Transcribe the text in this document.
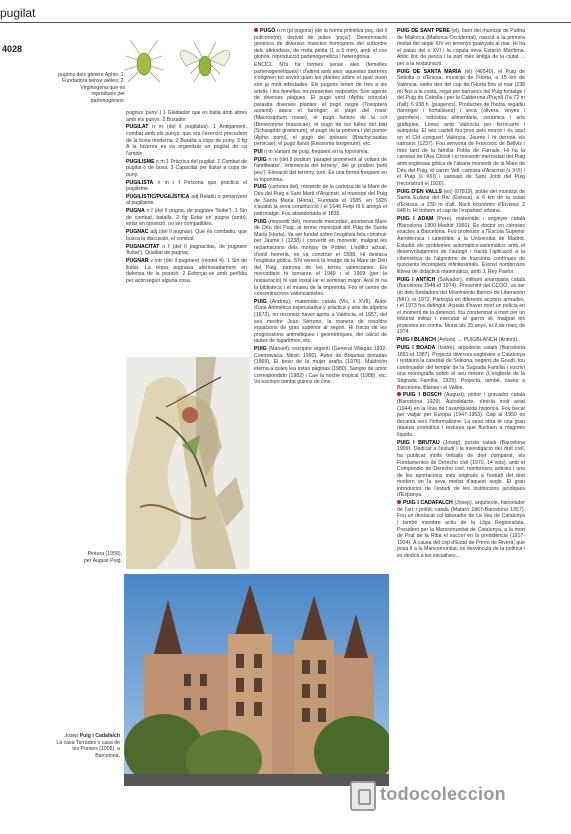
pugilat
4028
pugons dels gènere Aphis: 1. Fundadora sense aletes; 2. Virginogena que es reprodueix per partenogènesi.

pugnus 'puny'.) 1 Gladiador que es batia amb altres amb els punys. 2 Boxador.

PUGILAT n m (del ll pugilatus). 1 Antigament, combat amb els punys, que era l'exercici precedent de la boxa moderna. 2 Baralla a cops de puny. 3 fig A la taverna es va organitzar un pugilat de ca l'ample.

PUGILISME n m 1 Pràctica del pugilat. 2 Combat de pugilat o de boxa. 3 Capacitat per lluitar a cops de puny.

PUGILISTA n m i f Persona que practica el pugilisme.

PUGILÍSTIC/PUGILÍSTICA adj Relatiu o pertanyent al pugilisme.

PUGNA n f (del ll pugna, de pugnare 'lluitar'). 1 Sin de combat, batalla. 2 fig Estar en pugna (amb), estar en oposició, no ser compatibles.

PUGNAC adj (del ll pugnax). Que és combatiu, que busca la discussió, el combat.

PUGNACITAT n f (del ll pugnacitas, de pugnare 'lluitar'). Qualitat de pugnaç.

PUGNAR v intr (del ll pugnare) (model 4). 1 Sin de lluitar. La tropa pugnava aferrissadament en defensa de la posició. 2 Esforçar-se amb perfídia per aconseguir alguna cosa.

Pintura (1958),
per August Puig.
Josep Puig i Cadafalch
La casa Terrades o casa de les Punxes (1905), a Barcelona.

PUGÓ n m (pl pugons) (de la forma primitiva puç, del ll pulicone(m), derivat de pulex 'puça'). Denominació genèrica de diversos insectes homòpters del subordre dels afidoïdeus, de mida petita (1 a 5 mm), amb el cos globós, reproducció partenogenètica i heterogònia.

ENCICL N'hi ha formes sense ales (femelles partenogenètiques) i d'altres amb ales; aquestes darreres s'originen tot sovint quan les plantes sobre el qual viuen són ja molt infestades. Els pugons tenen de tres a sis artells i les femelles no presenten ovipositor. Són agents de diverses plagues. El pugó verd (Aphis citricola) parasita diverses plantes; el pugó negre (Toxoptera aurantii) ataca el taronger; el pugó del roser (Macrosiphum rosae), el pugó farinós de la col (Brevicoryne brassicae), el pugó de les fulles del blat (Schizaphis graminum), el pugó de la pomera i del pomer (Aphis pomi), el pugó del préssec (Brachycaudus persicae), el pugó llanut (Eriosoma lanigerum), etc.

PUI n m Variant de puig, freqüent en la toponímia.

PUIG n m (del ll podium 'parapet prominent al voltant de l'amfiteatre', 'eminència del terreny', del gr podion 'petit peu'). Elevació del terreny, turó. És una forma freqüent en la toponímia.

PUIG (cartoixa del), monestir de la cartoixa de la Mare de Déu del Puig a Sant Martí d'Aracristi, al municipi del Puig de Santa Maria (Horta). Fundada el 1585, en 1626 s'acabà la seva construcció i el 1646 Felip III li atorgà el patronatge. Fou abandonada el 1835.

PUIG (monestir del), monestir mercedari, anomenat Mare de Déu del Puig, al terme municipal del Puig de Santa Maria (Horta). Va ser fundat sobre l'església feta construir per Jaume I (1238) i convertit en monestir, malgrat les reclamacions dels monjos de Poblet. L'edifici actual, d'estil herrerià, es va construir el 1588. Hi destaca l'església gòtica. S'hi venera la imatge de la Mare de Déu del Puig, patrona de les terres valencianes. Els mercedaris hi tornaren el 1949 i el 1969 (per la restauració) hi van instal·lar el seminari major. Avui hi ha la biblioteca i el museu de la impremta. Fou el centre de concentracions valencianistes.

PUIG (Andreu), matemàtic català (Vic, s XVII). Autor d'una Aritmètica especulativa y pràctica y arte de álgebra (1672), on reconeix haver après a València, el 1657, del seu mestre Joan Serrano, la manera de resoldre equacions de grau superior al segon. Hi tracta de les progressions aritmètiques i geomètriques, del càlcul de taules de logaritmes, etc.

PUIG (Manuel), escriptor argentí (General Villegas 1932-Cuernavaca, Mèxic 1990). Autor de Boquitas pintadas (1969), El beso de la mujer araña (1976), Maldición eterna a quien lea estas páginas (1980), Sangre de amor correspondido (1982) i Cae la noche tropical (1988), etc. Va escriure també guions de cine.

PUIG DE SANT PERE (el), barri del municipi de Palma de Mallorca (Mallorca Occidental), nascut a la primera meitat del segle XIV en terrenys guanyats al mar. Hi ha el palau del s XVI i la cúpula seva Estació Marítima. Antic lloc de pesca i la part més antiga de la ciutat ... per a la restauració.

PUIG DE SANTA MARIA (el) (46540), el Puig de Sebolla o d'Enesa, municipi de l'Horta, a 15 km de València, estès des del cap de l'Horta fins al mar (238 m) fins a la costa, regat per barrancs del Puig fontatge i del Puig de Cebolla i per la Calderona (Puçol) (l'a 72 m d'alt); 6 938 h. (puigencs). Productes de l'horta, regadiu (taronger i hortalisses) i secà (olivera, vinyes i garrofers). Indústria alimentària, ceràmica i arts gràfiques. Línies amb València per ferrocarril i autopista. El seu castell fou pres pels moros i és aquí on el Cid conquerí València. Jaume I hi derrotà els sarraïns (1237). Fou senyoria de Francesc de Bellvís i més tard de la família Pobla de Farnals. Hi ha la cartoixa de l'Ara Christi i el monestir mercedari del Puig amb esglésias gòtica de l'abans monestir de la Mare de Déu del Puig, el carrer Vell, cartoixa d'Aracristi (s XVI) i el Puig (s XIII) i santuari de Sant Jordi del Puig (reconstruït el 1926).

PUIG D'EN VALLS (es) (07819), poble del municipi de Santa Eulària del Riu (Eivissa), a 6 km de la ciutat d'Eivissa, a 230 m d'alt. Nucli econòmic d'Eivissa; 2 648 h. Hi trobem el cap de l'expansió urbana.

PUIG I ADAM (Pere), matemàtic i enginyer català (Barcelona 1900-Madrid 1960). És doctor en ciències exactes a Barcelona. Fou professor a l'Escola Superior Aerotècnica i catedràtic a la Universitat de Madrid. Estudià els problemes automàtics-sistemàtics amb el desenvolupament de l'autogir i tractà l'aplicació a la cibernètica de l'algoritme de fraccions contínues de quocients incomplets infinitesimals. Escriví nombrosos llibres de didàctica matemàtica, amb J. Rey Pastor.

PUIG I ANTICH (Salvador), militant anarquista català (Barcelona 1948-id 1974). Provenint del CCOO, va ser un dels fundadors del Movimiento Ibérico de Liberación (MIL), el 1972. Participà en diferents accions armades, i el 1973 fou detingut. Acusat d'haver mort un policia en el moment de la detenció, fou condemnat a mort per un tribunal militar i executat al garrot vil, malgrat les protestes en contra. Moria als 25 anys, el 2 de març de 1974.

PUIG I BLANCH (Antoni) → PUIGBLANCH (Antoni).

PUIG I BOADA (Isidre), arquitecte català (Barcelona 1891-id 1987). Projectà diverses esglésies a Catalunya i restaurà la catedral de Solsona, segons de Goudí, fou continuador del temple de la Sagrada Família i escriví una monografia sobre el seu mestre (L'església de la Sagrada Família, 1929). Projectà, també, cases a Barcelona, Blanes i el Vallès.

PUIG I BOSCH (August), pintor i gravador català (Barcelona 1929). Autodidacte, s'inicià molt aviat (1944) en la línia de l'avantguarda històrica. Fou becat per viatjar per Europa (1947-1953). Cap al 1950 es decantà vers l'informalisme. La seva obra té una gran riquesa cromàtica i textures que fluctuen a magmes líquids.

PUIG I BRUTAU (Josep), jurista català (Barcelona 1909). Dedicat a l'estudi i la investigació del dret civil, ha publicat molts treballs de dret comparat, els Fundamentos de Derecho civil (1970, 14 vols), amb el Compendio de Derecho civil, nombrosos articles i una de les aportacions més originals a l'estudi del dret modern en la seva meitat d'aquest segle. El gran introductor de l'estudi de les institucions jurídiques d'Espanya.

PUIG I CADAFALCH (Josep), arquitecte, historiador de l'art i polític català (Mataró 1867-Barcelona 1957). Fou un destacat col·laborador de La Veu de Catalunya i també membre actiu de la Lliga Regionalista. President per la Mancomunitat de Catalunya, a la mort de Prat de la Riba el succeí en la presidència (1917-1924). A causa del cop d'Estat de Primo de Rivera, que posà fi a la Mancomunitat, es desvinculà de la política i es dedicà a les iniciatives...

todocoleccion
